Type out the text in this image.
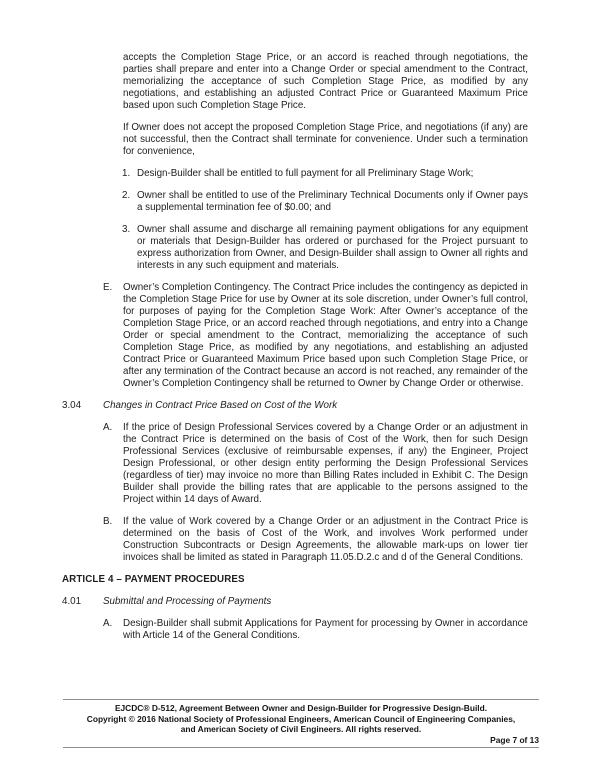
accepts the Completion Stage Price, or an accord is reached through negotiations, the parties shall prepare and enter into a Change Order or special amendment to the Contract, memorializing the acceptance of such Completion Stage Price, as modified by any negotiations, and establishing an adjusted Contract Price or Guaranteed Maximum Price based upon such Completion Stage Price.
If Owner does not accept the proposed Completion Stage Price, and negotiations (if any) are not successful, then the Contract shall terminate for convenience. Under such a termination for convenience,
1. Design-Builder shall be entitled to full payment for all Preliminary Stage Work;
2. Owner shall be entitled to use of the Preliminary Technical Documents only if Owner pays a supplemental termination fee of $0.00; and
3. Owner shall assume and discharge all remaining payment obligations for any equipment or materials that Design-Builder has ordered or purchased for the Project pursuant to express authorization from Owner, and Design-Builder shall assign to Owner all rights and interests in any such equipment and materials.
E. Owner’s Completion Contingency. The Contract Price includes the contingency as depicted in the Completion Stage Price for use by Owner at its sole discretion, under Owner’s full control, for purposes of paying for the Completion Stage Work: After Owner’s acceptance of the Completion Stage Price, or an accord reached through negotiations, and entry into a Change Order or special amendment to the Contract, memorializing the acceptance of such Completion Stage Price, as modified by any negotiations, and establishing an adjusted Contract Price or Guaranteed Maximum Price based upon such Completion Stage Price, or after any termination of the Contract because an accord is not reached, any remainder of the Owner’s Completion Contingency shall be returned to Owner by Change Order or otherwise.
3.04 Changes in Contract Price Based on Cost of the Work
A. If the price of Design Professional Services covered by a Change Order or an adjustment in the Contract Price is determined on the basis of Cost of the Work, then for such Design Professional Services (exclusive of reimbursable expenses, if any) the Engineer, Project Design Professional, or other design entity performing the Design Professional Services (regardless of tier) may invoice no more than Billing Rates included in Exhibit C. The Design Builder shall provide the billing rates that are applicable to the persons assigned to the Project within 14 days of Award.
B. If the value of Work covered by a Change Order or an adjustment in the Contract Price is determined on the basis of Cost of the Work, and involves Work performed under Construction Subcontracts or Design Agreements, the allowable mark-ups on lower tier invoices shall be limited as stated in Paragraph 11.05.D.2.c and d of the General Conditions.
ARTICLE 4 – PAYMENT PROCEDURES
4.01 Submittal and Processing of Payments
A. Design-Builder shall submit Applications for Payment for processing by Owner in accordance with Article 14 of the General Conditions.
EJCDC® D-512, Agreement Between Owner and Design-Builder for Progressive Design-Build.
Copyright © 2016 National Society of Professional Engineers, American Council of Engineering Companies,
and American Society of Civil Engineers. All rights reserved.
Page 7 of 13
